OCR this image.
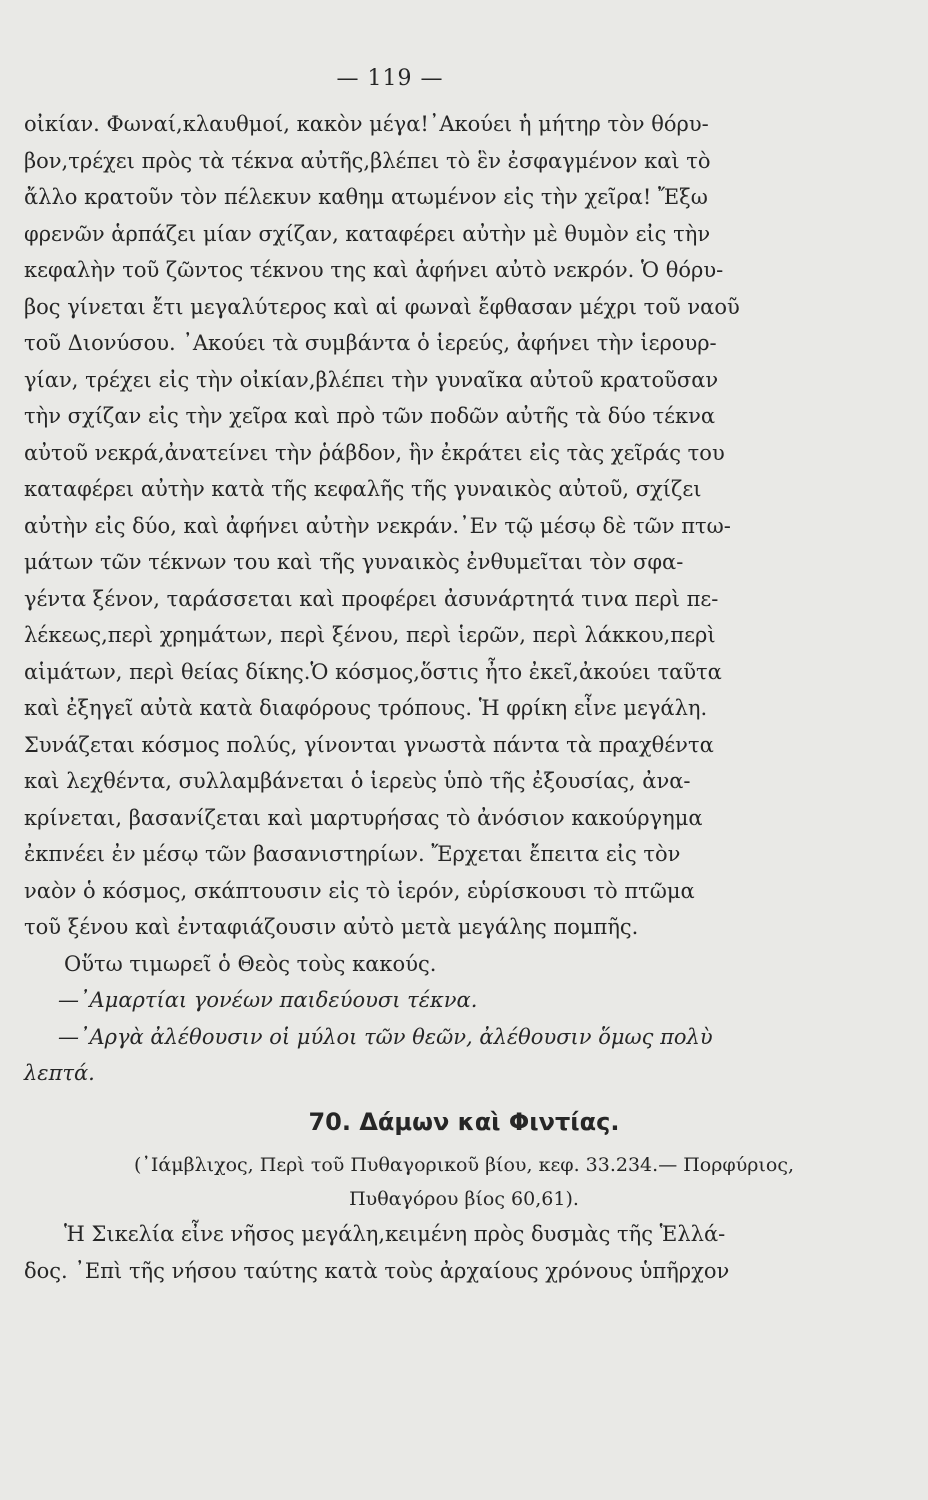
— 119 —
οἰκίαν. Φωναί,κλαυθμοί, κακὸν μέγα!᾽Ακούει ἡ μήτηρ τὸν θόρυ-
βον,τρέχει πρὸς τὰ τέκνα αὐτῆς,βλέπει τὸ ἓν ἐσφαγμένον καὶ τὸ
ἄλλο κρατοῦν τὸν πέλεκυν καθημ ατωμένον εἰς τὴν χεῖρα! Ἔξω
φρενῶν ἁρπάζει μίαν σχίζαν, καταφέρει αὐτὴν μὲ θυμὸν εἰς τὴν
κεφαλὴν τοῦ ζῶντος τέκνου της καὶ ἀφήνει αὐτὸ νεκρόν. Ὁ θόρυ-
βος γίνεται ἔτι μεγαλύτερος καὶ αἱ φωναὶ ἔφθασαν μέχρι τοῦ ναοῦ
τοῦ Διονύσου. ᾽Ακούει τὰ συμβάντα ὁ ἱερεύς, ἀφήνει τὴν ἱερουρ-
γίαν, τρέχει εἰς τὴν οἰκίαν,βλέπει τὴν γυναῖκα αὐτοῦ κρατοῦσαν
τὴν σχίζαν εἰς τὴν χεῖρα καὶ πρὸ τῶν ποδῶν αὐτῆς τὰ δύο τέκνα
αὐτοῦ νεκρά,ἀνατείνει τὴν ῥάβδον, ἣν ἐκράτει εἰς τὰς χεῖράς του
καταφέρει αὐτὴν κατὰ τῆς κεφαλῆς τῆς γυναικὸς αὐτοῦ, σχίζει
αὐτὴν εἰς δύο, καὶ ἀφήνει αὐτὴν νεκράν.᾽Εν τῷ μέσῳ δὲ τῶν πτω-
μάτων τῶν τέκνων του καὶ τῆς γυναικὸς ἐνθυμεῖται τὸν σφα-
γέντα ξένον, ταράσσεται καὶ προφέρει ἀσυνάρτητά τινα περὶ πε-
λέκεως,περὶ χρημάτων, περὶ ξένου, περὶ ἱερῶν, περὶ λάκκου,περὶ
αἱμάτων, περὶ θείας δίκης.Ὁ κόσμος,ὅστις ἦτο ἐκεῖ,ἀκούει ταῦτα
καὶ ἐξηγεῖ αὐτὰ κατὰ διαφόρους τρόπους. Ἡ φρίκη εἶνε μεγάλη.
Συνάζεται κόσμος πολύς, γίνονται γνωστὰ πάντα τὰ πραχθέντα
καὶ λεχθέντα, συλλαμβάνεται ὁ ἱερεὺς ὑπὸ τῆς ἐξουσίας, ἀνα-
κρίνεται, βασανίζεται καὶ μαρτυρήσας τὸ ἀνόσιον κακούργημα
ἐκπνέει ἐν μέσῳ τῶν βασανιστηρίων. Ἔρχεται ἔπειτα εἰς τὸν
ναὸν ὁ κόσμος, σκάπτουσιν εἰς τὸ ἱερόν, εὑρίσκουσι τὸ πτῶμα
τοῦ ξένου καὶ ἐνταφιάζουσιν αὐτὸ μετὰ μεγάλης πομπῆς.
Οὕτω τιμωρεῖ ὁ Θεὸς τοὺς κακούς.
—᾽Αμαρτίαι γονέων παιδεύουσι τέκνα.
—᾽Αργὰ ἀλέθουσιν οἱ μύλοι τῶν θεῶν, ἀλέθουσιν ὅμως πολὺ
λεπτά.
70. Δάμων καὶ Φιντίας.
(᾽Ιάμβλιχος, Περὶ τοῦ Πυθαγορικοῦ βίου, κεφ. 33.234.— Πορφύριος,
Πυθαγόρου βίος 60,61).
Ἡ Σικελία εἶνε νῆσος μεγάλη,κειμένη πρὸς δυσμὰς τῆς Ἑλλά-
δος. ᾽Επὶ τῆς νήσου ταύτης κατὰ τοὺς ἀρχαίους χρόνους ὑπῆρχον
